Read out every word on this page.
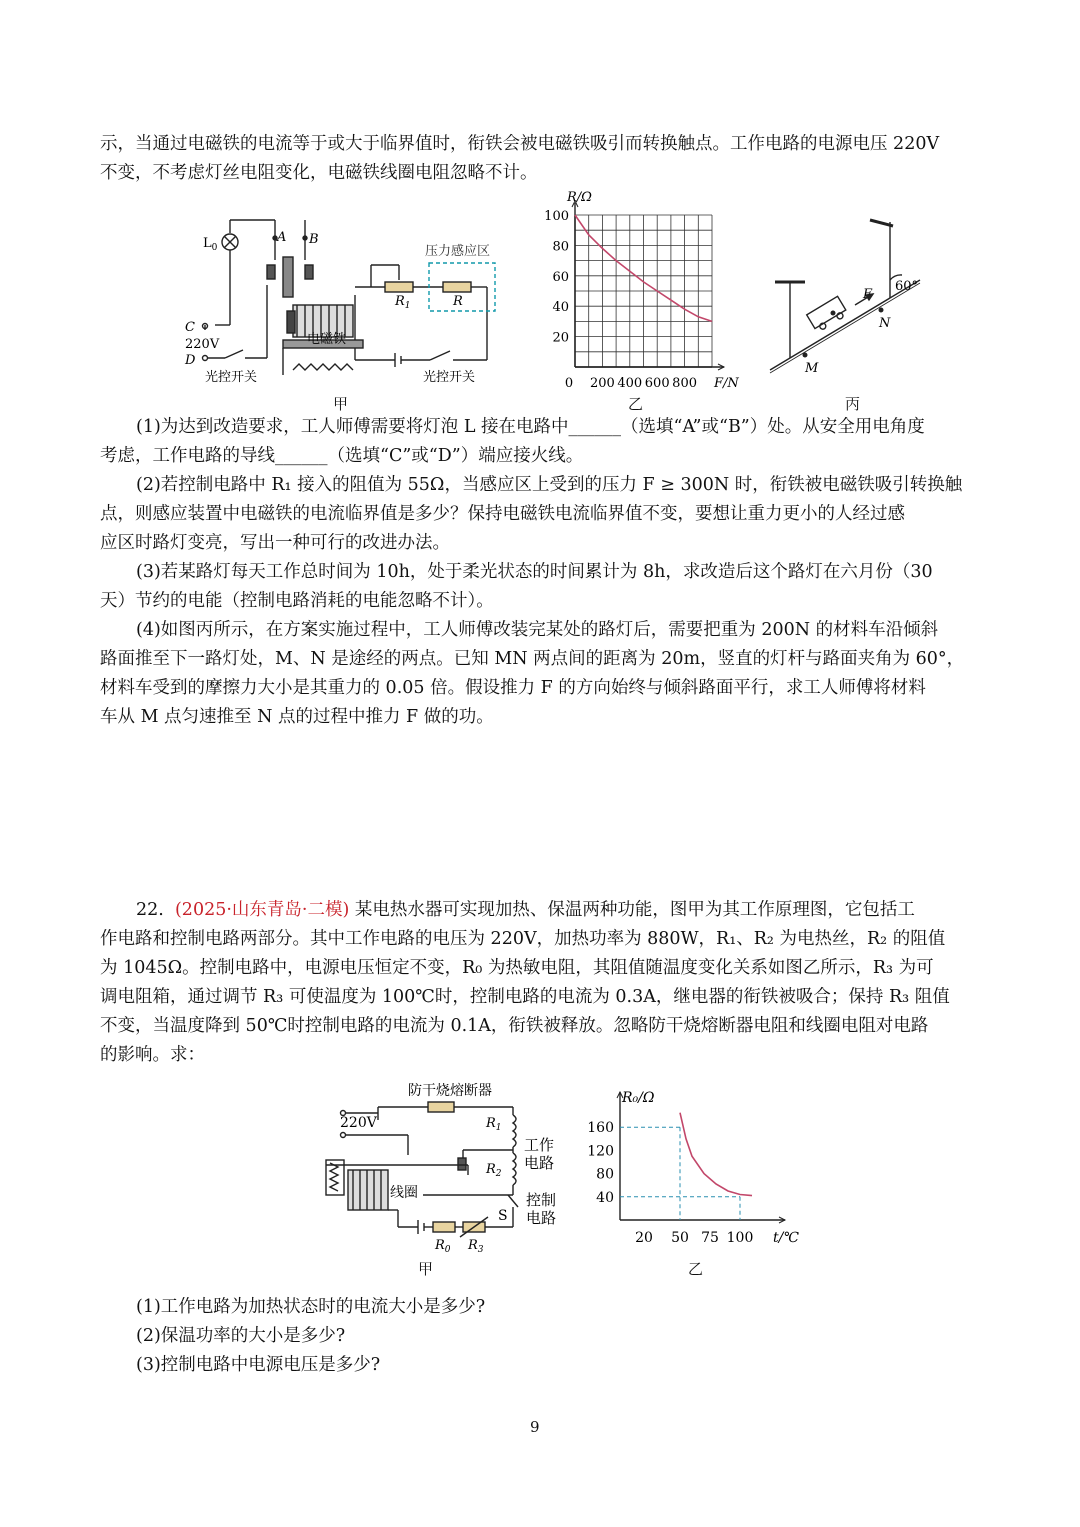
示，当通过电磁铁的电流等于或大于临界值时，衔铁会被电磁铁吸引而转换触点。工作电路的电源电压 220V

不变，不考虑灯丝电阻变化，电磁铁线圈电阻忽略不计。

$L_0$
A B
C
220V
D
压力感应区
$R_1$	R
电磁铁
光控开关	光控开关
甲
20
40
60
80
100
0 200 400 600 800
R/Ω
F/N
乙
60°
F
M
N
丙

(1)为达到改造要求，工人师傅需要将灯泡 L 接在电路中______（选填“A”或“B”）处。从安全用电角度

考虑，工作电路的导线______（选填“C”或“D”）端应接火线。

(2)若控制电路中 R₁ 接入的阻值为 55Ω，当感应区上受到的压力 F ≥ 300N 时，衔铁被电磁铁吸引转换触

点，则感应装置中电磁铁的电流临界值是多少？保持电磁铁电流临界值不变，要想让重力更小的人经过感

应区时路灯变亮，写出一种可行的改进办法。

(3)若某路灯每天工作总时间为 10h，处于柔光状态的时间累计为 8h，求改造后这个路灯在六月份（30

天）节约的电能（控制电路消耗的电能忽略不计）。

(4)如图丙所示，在方案实施过程中，工人师傅改装完某处的路灯后，需要把重为 200N 的材料车沿倾斜

路面推至下一路灯处，M、N 是途经的两点。已知 MN 两点间的距离为 20m，竖直的灯杆与路面夹角为 60°，

材料车受到的摩擦力大小是其重力的 0.05 倍。假设推力 F 的方向始终与倾斜路面平行，求工人师傅将材料

车从 M 点匀速推至 N 点的过程中推力 F 做的功。

22. (2025·山东青岛·二模) 某电热水器可实现加热、保温两种功能，图甲为其工作原理图，它包括工

作电路和控制电路两部分。其中工作电路的电压为 220V，加热功率为 880W，R₁、R₂ 为电热丝，R₂ 的阻值

为 1045Ω。控制电路中，电源电压恒定不变，R₀ 为热敏电阻，其阻值随温度变化关系如图乙所示，R₃ 为可

调电阻箱，通过调节 R₃ 可使温度为 100℃时，控制电路的电流为 0.3A，继电器的衔铁被吸合；保持 R₃ 阻值

不变，当温度降到 50℃时控制电路的电流为 0.1A，衔铁被释放。忽略防干烧熔断器电阻和线圈电阻对电路

的影响。求：

防干烧熔断器
220V	$R_1$
$R_2$
工作
电路
线圈	控制
电路
S
$R_0$ $R_3$
甲
40
80
120
160
20 50 75 100
R₀/Ω
t/℃
乙

(1)工作电路为加热状态时的电流大小是多少?

(2)保温功率的大小是多少?

(3)控制电路中电源电压是多少?

9
